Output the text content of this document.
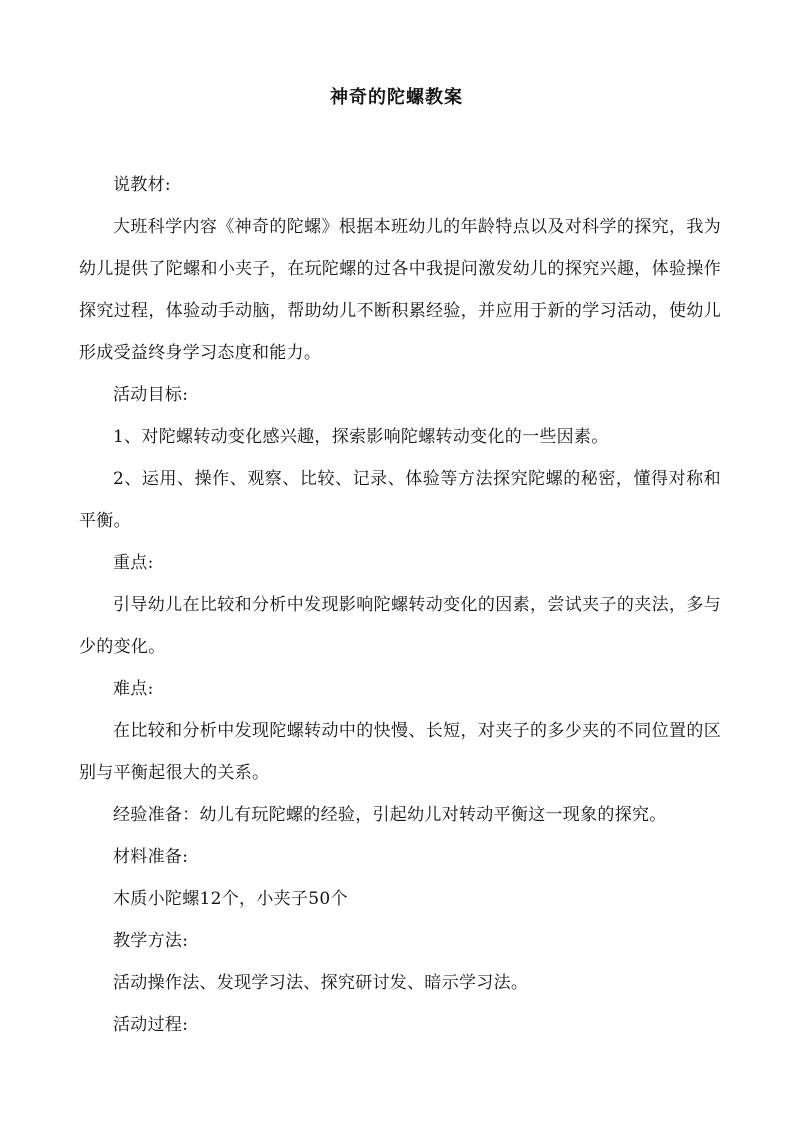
神奇的陀螺教案

说教材:

大班科学内容《神奇的陀螺》根据本班幼儿的年龄特点以及对科学的探究，我为幼儿提供了陀螺和小夹子，在玩陀螺的过各中我提问激发幼儿的探究兴趣，体验操作探究过程，体验动手动脑，帮助幼儿不断积累经验，并应用于新的学习活动，使幼儿形成受益终身学习态度和能力。

活动目标:

1、对陀螺转动变化感兴趣，探索影响陀螺转动变化的一些因素。

2、运用、操作、观察、比较、记录、体验等方法探究陀螺的秘密，懂得对称和平衡。

重点:

引导幼儿在比较和分析中发现影响陀螺转动变化的因素，尝试夹子的夹法，多与少的变化。

难点:

在比较和分析中发现陀螺转动中的快慢、长短，对夹子的多少夹的不同位置的区别与平衡起很大的关系。

经验准备：幼儿有玩陀螺的经验，引起幼儿对转动平衡这一现象的探究。

材料准备:

木质小陀螺12个，小夹子50个

教学方法:

活动操作法、发现学习法、探究研讨发、暗示学习法。

活动过程:
